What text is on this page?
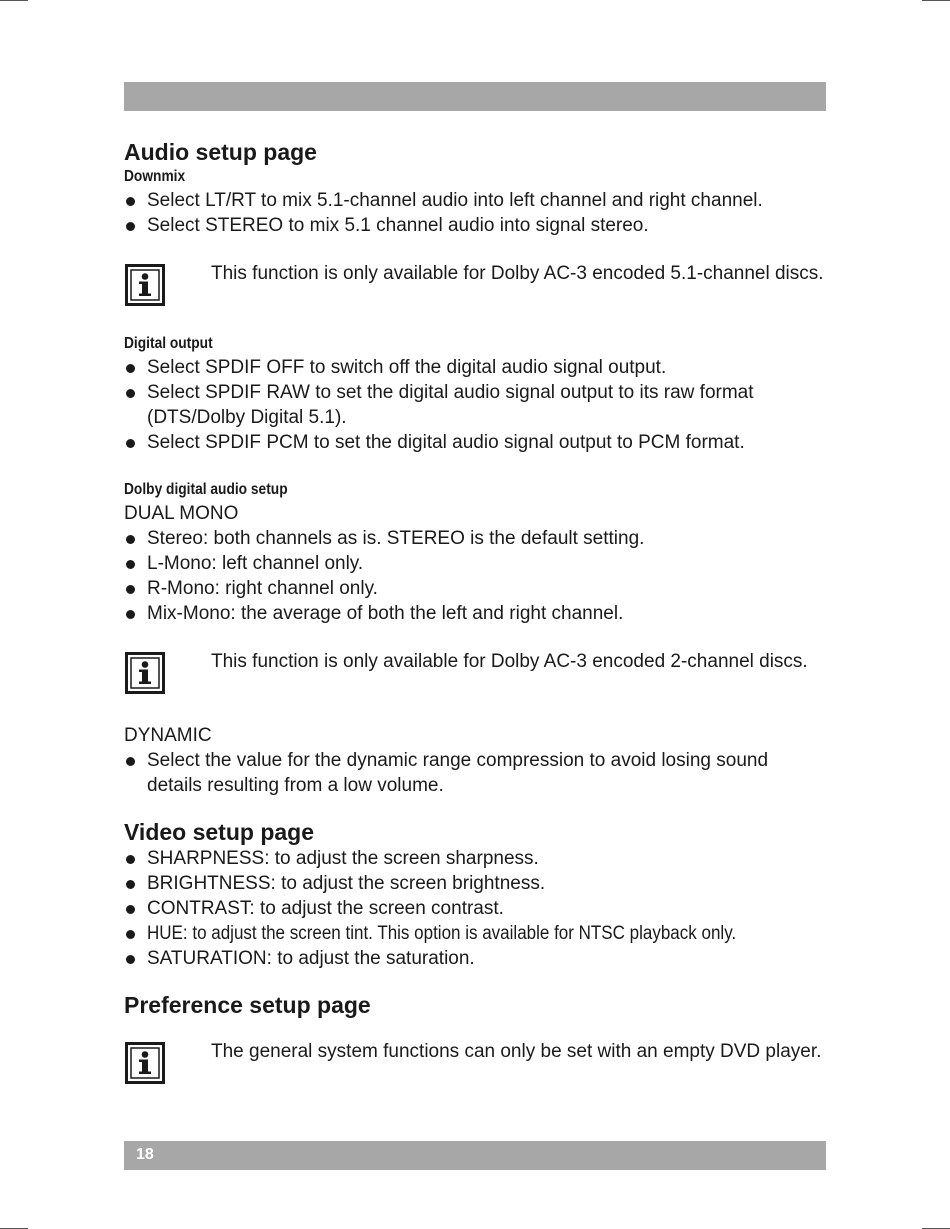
Audio setup page
Downmix
Select LT/RT to mix 5.1-channel audio into left channel and right channel.
Select STEREO to mix 5.1 channel audio into signal stereo.
This function is only available for Dolby AC-3 encoded 5.1-channel discs.
Digital output
Select SPDIF OFF to switch off the digital audio signal output.
Select SPDIF RAW to set the digital audio signal output to its raw format (DTS/Dolby Digital 5.1).
Select SPDIF PCM to set the digital audio signal output to PCM format.
Dolby digital audio setup
DUAL MONO
Stereo: both channels as is. STEREO is the default setting.
L-Mono: left channel only.
R-Mono: right channel only.
Mix-Mono: the average of both the left and right channel.
This function is only available for Dolby AC-3 encoded 2-channel discs.
DYNAMIC
Select the value for the dynamic range compression to avoid losing sound details resulting from a low volume.
Video setup page
SHARPNESS: to adjust the screen sharpness.
BRIGHTNESS: to adjust the screen brightness.
CONTRAST: to adjust the screen contrast.
HUE: to adjust the screen tint. This option is available for NTSC playback only.
SATURATION: to adjust the saturation.
Preference setup page
The general system functions can only be set with an empty DVD player.
18
